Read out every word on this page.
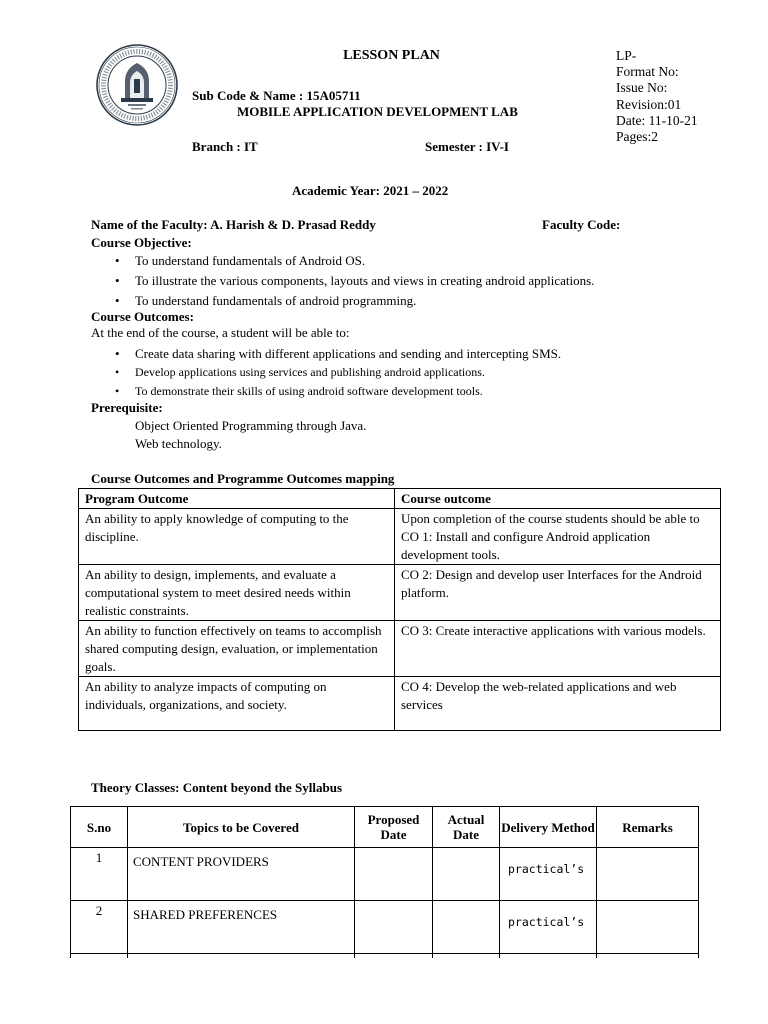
LESSON PLAN	LP-
Format No:
Issue No:
Revision:01
Date: 11-10-21
Pages:2
Sub Code & Name : 15A05711
MOBILE APPLICATION DEVELOPMENT LAB
Branch : IT	Semester : IV-I
Academic Year: 2021 – 2022
Name of the Faculty: A. Harish & D. Prasad Reddy	Faculty Code:
Course Objective:
• To understand fundamentals of Android OS.
• To illustrate the various components, layouts and views in creating android applications.
• To understand fundamentals of android programming.
Course Outcomes:
At the end of the course, a student will be able to:
• Create data sharing with different applications and sending and intercepting SMS.
• Develop applications using services and publishing android applications.
• To demonstrate their skills of using android software development tools.
Prerequisite:
Object Oriented Programming through Java.
Web technology.
Course Outcomes and Programme Outcomes mapping
Program Outcome	Course outcome
An ability to apply knowledge of computing to the discipline.	Upon completion of the course students should be able to
CO 1: Install and configure Android application development tools.
An ability to design, implements, and evaluate a computational system to meet desired needs within realistic constraints.	CO 2: Design and develop user Interfaces for the Android platform.
An ability to function effectively on teams to accomplish shared computing design, evaluation, or implementation goals.	CO 3: Create interactive applications with various models.
An ability to analyze impacts of computing on individuals, organizations, and society.	CO 4: Develop the web-related applications and web services
Theory Classes: Content beyond the Syllabus
S.no	Topics to be Covered	Proposed Date	Actual Date	Delivery Method	Remarks
1	CONTENT PROVIDERS			practical’s	
2	SHARED PREFERENCES			practical’s	
